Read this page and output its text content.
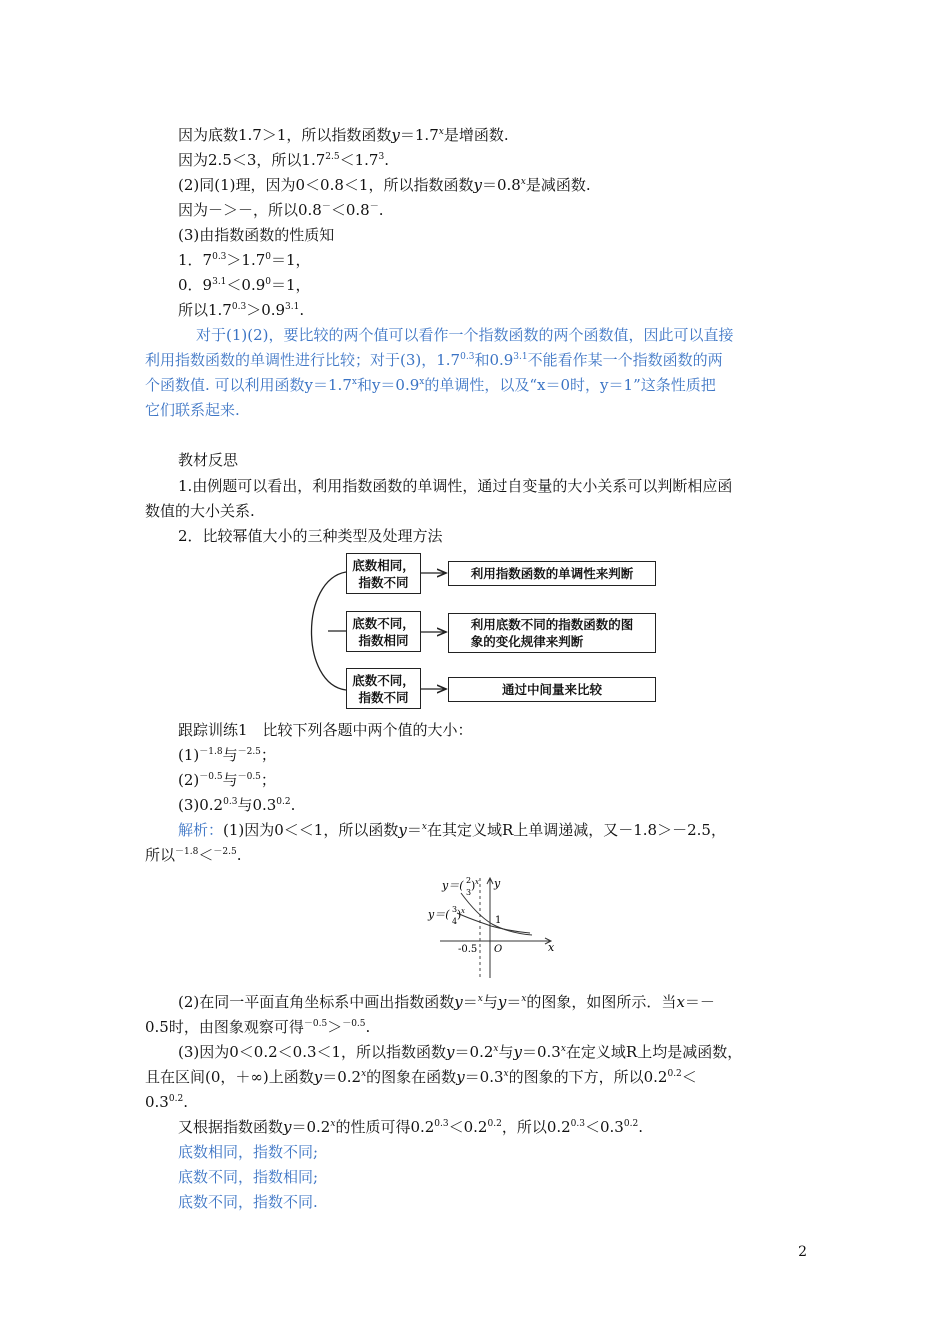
因为底数1.7＞1，所以指数函数$y=1.7^x$是增函数.
因为2.5＜3，所以$1.7^{2.5}<1.7^3$.
(2)同(1)理，因为0＜0.8＜1，所以指数函数$y=0.8^x$是减函数.
因为－＞－，所以0.8－＜0.8－.
(3)由指数函数的性质知
1．$7^{0.3}>1.7^0=1$，
0．$9^{3.1}<0.9^0=1$，
所以$1.7^{0.3}>0.9^{3.1}$.
对于(1)(2)，要比较的两个值可以看作一个指数函数的两个函数值，因此可以直接
利用指数函数的单调性进行比较；对于(3)，$1.7^{0.3}$和$0.9^{3.1}$不能看作某一个指数函数的两
个函数值. 可以利用函数$y=1.7^x$和$y=0.9^x$的单调性，以及“x＝0时，y＝1”这条性质把
它们联系起来.
教材反思
1.由例题可以看出，利用指数函数的单调性，通过自变量的大小关系可以判断相应函
数值的大小关系.
2．比较幂值大小的三种类型及处理方法
底数相同，
指数不同
利用指数函数的单调性来判断
底数不同，
指数相同
利用底数不同的指数函数的图
象的变化规律来判断
底数不同，
指数不同	通过中间量来比较
跟踪训练1　比较下列各题中两个值的大小：
$(1)^{-1.8}$与$^{-2.5}$；
$(2)^{-0.5}$与$^{-0.5}$；
$(3)0.2^{0.3}$与$0.3^{0.2}$.
解析：(1)因为0＜＜1，所以函数y＝$^x$在其定义域R上单调递减，又－1.8＞－2.5，
所以$^{-1.8}$＜$^{-2.5}$.
y＝( 2
3
) x
y＝( 3
4
) x
y
x
1
-0.5 O
(2)在同一平面直角坐标系中画出指数函数y＝$^x$与y＝$^x$的图象，如图所示．当x＝－
0.5时，由图象观察可得$^{-0.5}$＞$^{-0.5}$.
(3)因为0＜0.2＜0.3＜1，所以指数函数$y=0.2^x$与$y=0.3^x$在定义域R上均是减函数，
且在区间(0，＋∞)上函数$y=0.2^x$的图象在函数$y=0.3^x$的图象的下方，所以$0.2^{0.2}<$
$0.3^{0.2}$.
又根据指数函数$y=0.2^x$的性质可得$0.2^{0.3}<0.2^{0.2}$，所以$0.2^{0.3}<0.3^{0.2}$.
底数相同，指数不同;
底数不同，指数相同;
底数不同，指数不同.
2
